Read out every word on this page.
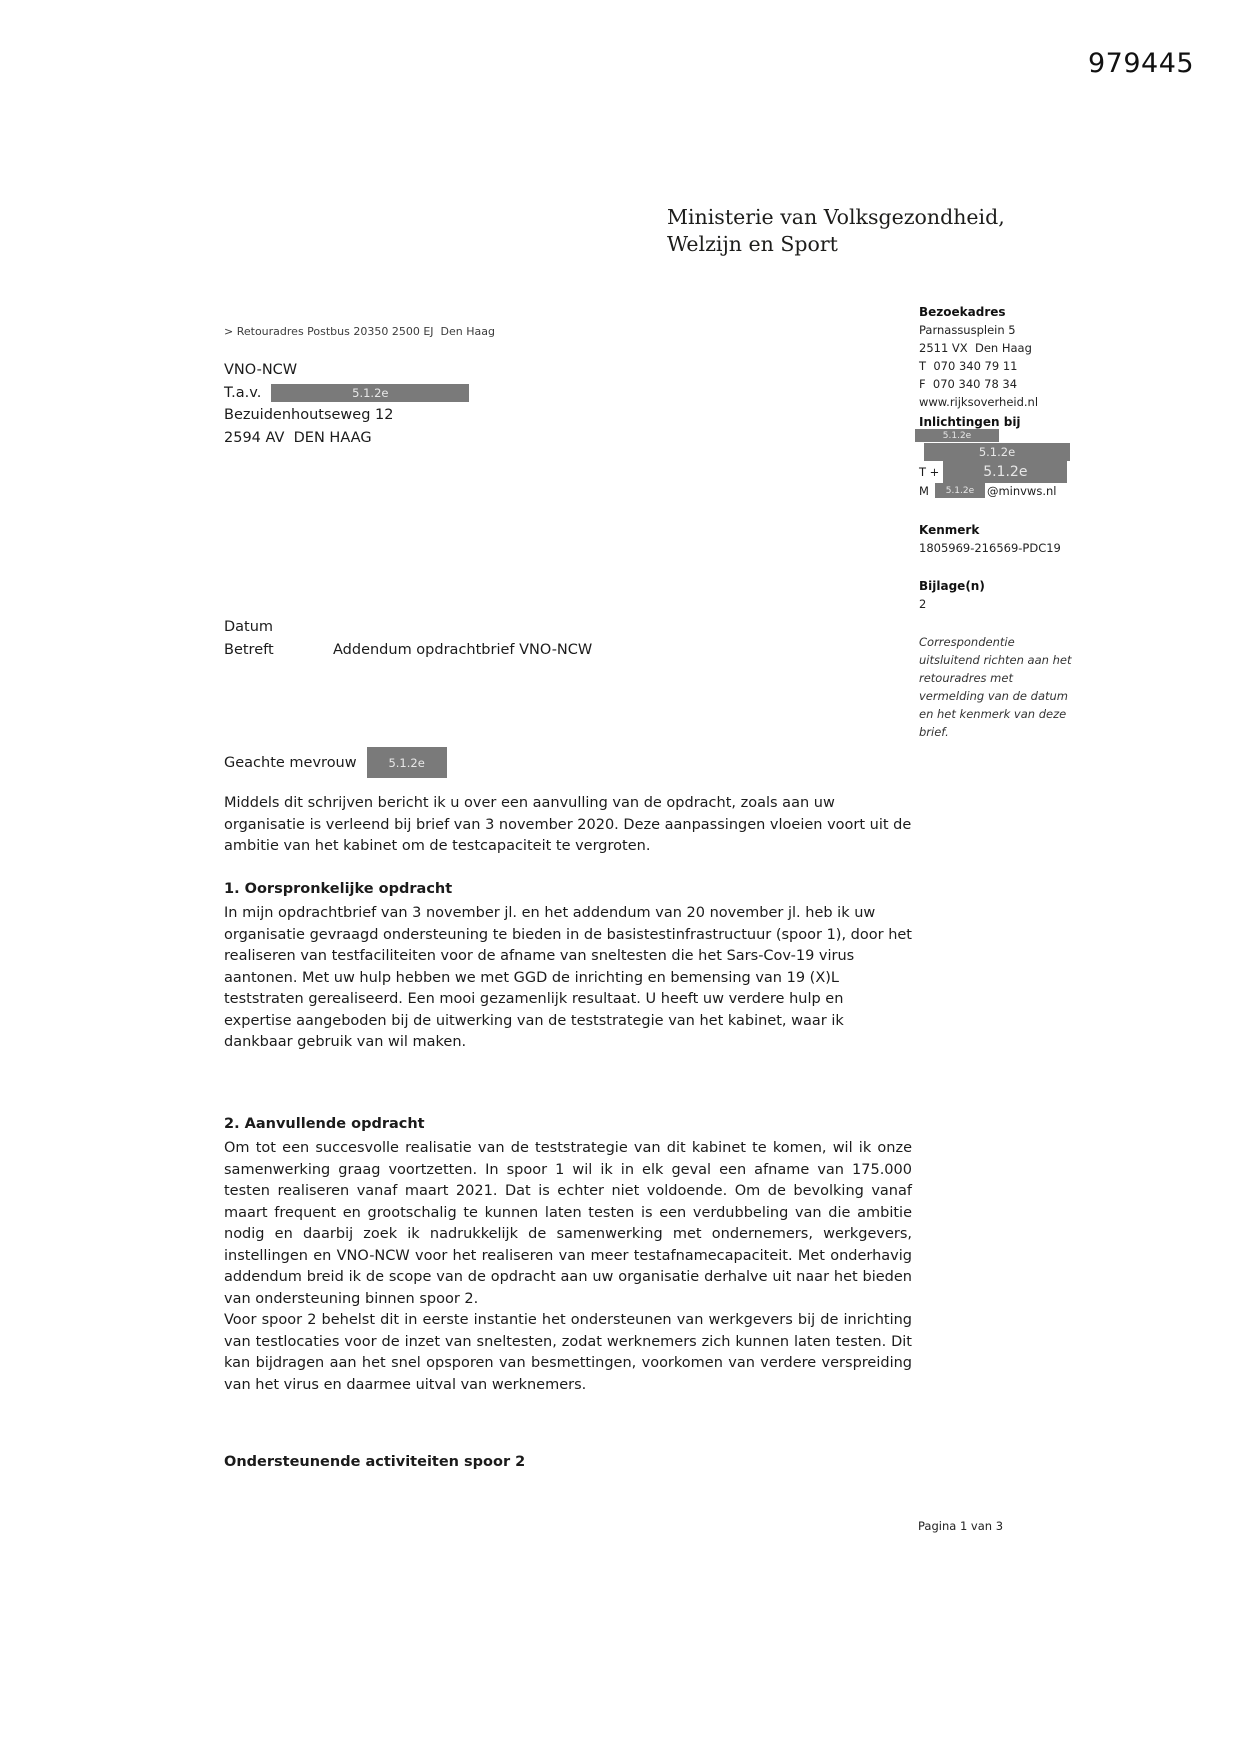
979445
Ministerie van Volksgezondheid,
Welzijn en Sport
> Retouradres Postbus 20350 2500 EJ  Den Haag
VNO-NCW
T.a.v.	5.1.2e
Bezuidenhoutseweg 12
2594 AV  DEN HAAG
Bezoekadres
Parnassusplein 5
2511 VX  Den Haag
T  070 340 79 11
F  070 340 78 34
www.rijksoverheid.nl
Inlichtingen bij
5.1.2e
5.1.2e
T +	5.1.2e
M	5.1.2e	@minvws.nl
Kenmerk
1805969-216569-PDC19
Bijlage(n)
2
Correspondentie uitsluitend richten aan het retouradres met vermelding van de datum en het kenmerk van deze brief.
Datum
Betreft	Addendum opdrachtbrief VNO-NCW
Geachte mevrouw	5.1.2e
Middels dit schrijven bericht ik u over een aanvulling van de opdracht, zoals aan uw organisatie is verleend bij brief van 3 november 2020. Deze aanpassingen vloeien voort uit de ambitie van het kabinet om de testcapaciteit te vergroten.
1. Oorspronkelijke opdracht
In mijn opdrachtbrief van 3 november jl. en het addendum van 20 november jl. heb ik uw organisatie gevraagd ondersteuning te bieden in de basistestinfrastructuur (spoor 1), door het realiseren van testfaciliteiten voor de afname van sneltesten die het Sars-Cov-19 virus aantonen. Met uw hulp hebben we met GGD de inrichting en bemensing van 19 (X)L teststraten gerealiseerd. Een mooi gezamenlijk resultaat. U heeft uw verdere hulp en expertise aangeboden bij de uitwerking van de teststrategie van het kabinet, waar ik dankbaar gebruik van wil maken.
2. Aanvullende opdracht
Om tot een succesvolle realisatie van de teststrategie van dit kabinet te komen, wil ik onze samenwerking graag voortzetten. In spoor 1 wil ik in elk geval een afname van 175.000 testen realiseren vanaf maart 2021. Dat is echter niet voldoende. Om de bevolking vanaf maart frequent en grootschalig te kunnen laten testen is een verdubbeling van die ambitie nodig en daarbij zoek ik nadrukkelijk de samenwerking met ondernemers, werkgevers, instellingen en VNO-NCW voor het realiseren van meer testafnamecapaciteit. Met onderhavig addendum breid ik de scope van de opdracht aan uw organisatie derhalve uit naar het bieden van ondersteuning binnen spoor 2.
Voor spoor 2 behelst dit in eerste instantie het ondersteunen van werkgevers bij de inrichting van testlocaties voor de inzet van sneltesten, zodat werknemers zich kunnen laten testen. Dit kan bijdragen aan het snel opsporen van besmettingen, voorkomen van verdere verspreiding van het virus en daarmee uitval van werknemers.
Ondersteunende activiteiten spoor 2
Pagina 1 van 3
